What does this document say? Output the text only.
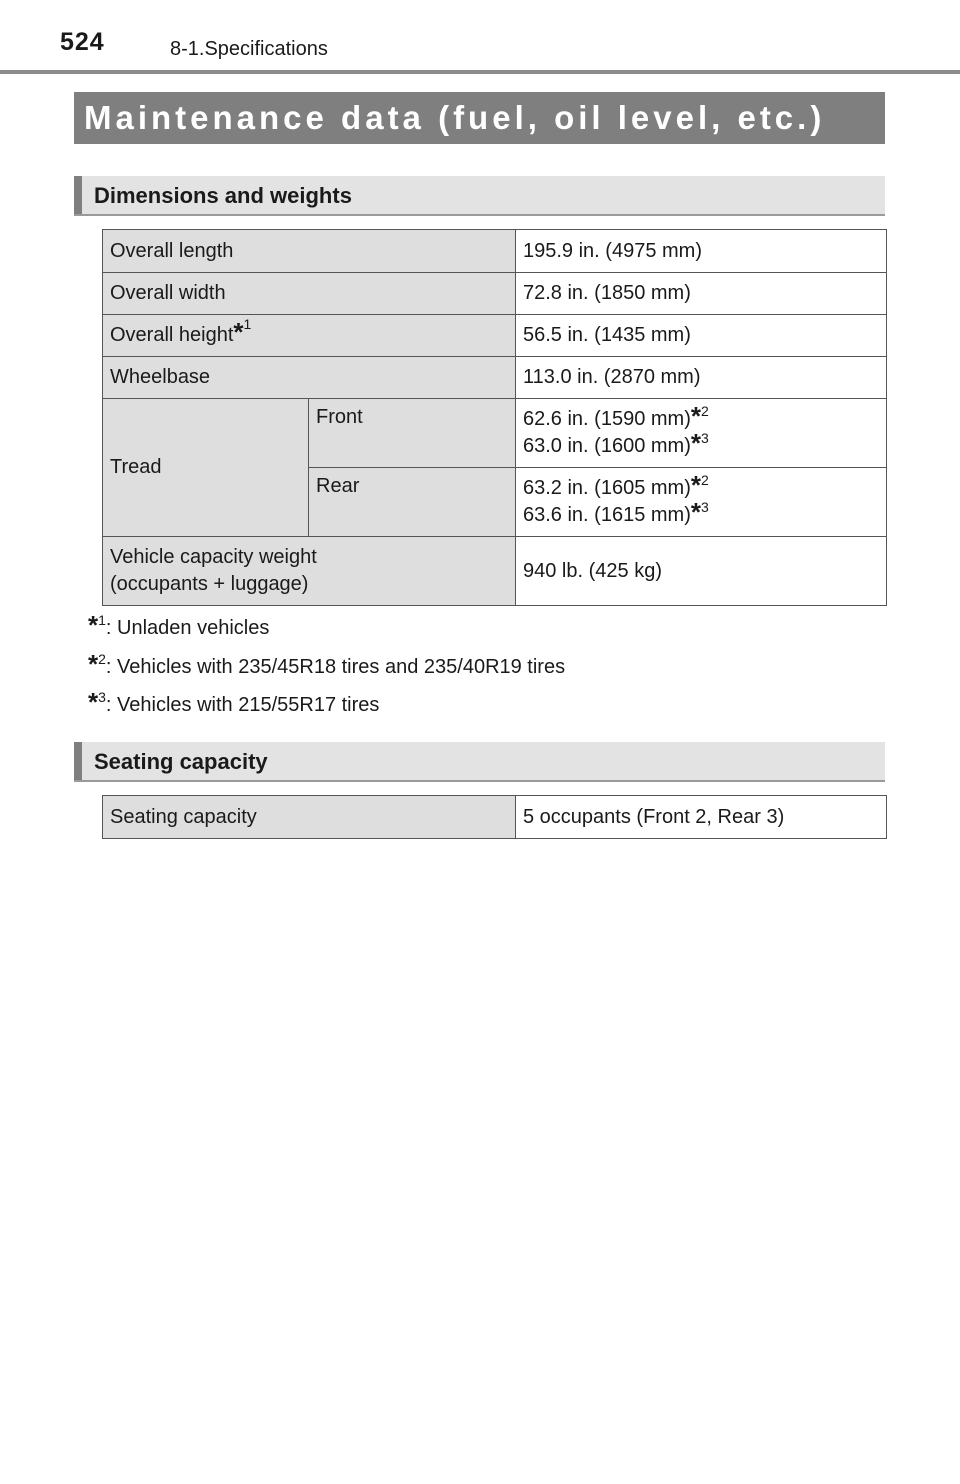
524	8-1.Specifications
Maintenance data (fuel, oil level, etc.)
Dimensions and weights
Overall length		195.9 in. (4975 mm)
Overall width		72.8 in. (1850 mm)
Overall height*$^1$		56.5 in. (1435 mm)
Wheelbase		113.0 in. (2870 mm)
Tread	Front	62.6 in. (1590 mm)*$^2$
63.0 in. (1600 mm)*$^3$

	Rear	63.2 in. (1605 mm)*$^2$
63.6 in. (1615 mm)*$^3$

Vehicle capacity weight
(occupants + luggage)		940 lb. (425 kg)
*$^1$: Unladen vehicles
*$^2$: Vehicles with 235/45R18 tires and 235/40R19 tires
*$^3$: Vehicles with 215/55R17 tires
Seating capacity
Seating capacity	5 occupants (Front 2, Rear 3)
